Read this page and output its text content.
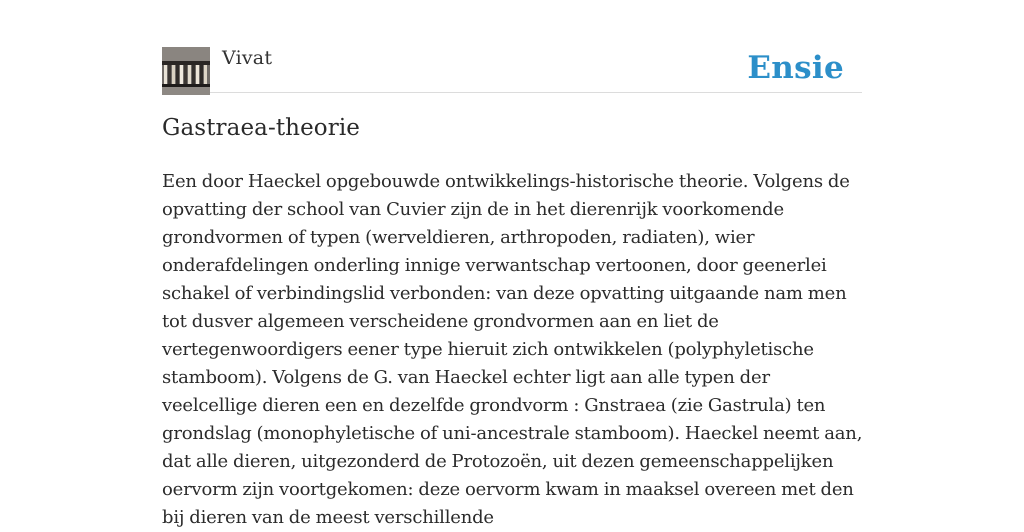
Vivat	Ensie
Gastraea-theorie

Een door Haeckel opgebouwde ontwikkelings-historische theorie. Volgens de opvatting der school van Cuvier zijn de in het dierenrijk voorkomende grondvormen of typen (werveldieren, arthropoden, radiaten), wier onderafdelingen onderling innige verwantschap vertoonen, door geenerlei schakel of verbindingslid verbonden: van deze opvatting uitgaande nam men tot dusver algemeen verscheidene grondvormen aan en liet de vertegenwoordigers eener type hieruit zich ontwikkelen (polyphyletische stamboom). Volgens de G. van Haeckel echter ligt aan alle typen der veelcellige dieren een en dezelfde grondvorm : Gnstraea (zie Gastrula) ten grondslag (monophyletische of uni-ancestrale stamboom). Haeckel neemt aan, dat alle dieren, uitgezonderd de Protozoën, uit dezen gemeenschappelijken oervorm zijn voortgekomen: deze oervorm kwam in maaksel overeen met den bij dieren van de meest verschillende
